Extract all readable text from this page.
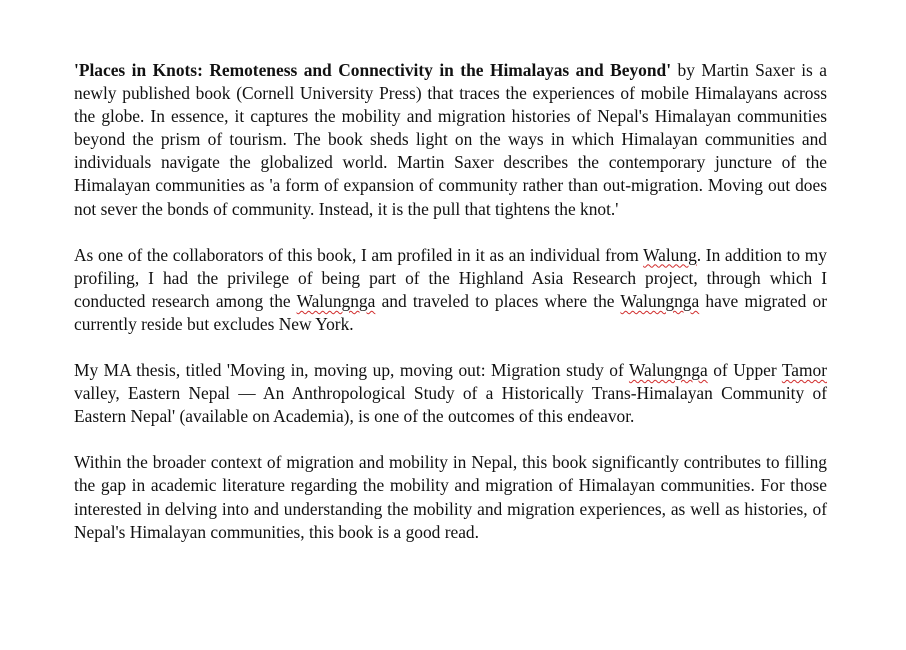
'Places in Knots: Remoteness and Connectivity in the Himalayas and Beyond' by Martin Saxer is a newly published book (Cornell University Press) that traces the experiences of mobile Himalayans across the globe. In essence, it captures the mobility and migration histories of Nepal's Himalayan communities beyond the prism of tourism. The book sheds light on the ways in which Himalayan communities and individuals navigate the globalized world. Martin Saxer describes the contemporary juncture of the Himalayan communities as 'a form of expansion of community rather than out-migration. Moving out does not sever the bonds of community. Instead, it is the pull that tightens the knot.'

As one of the collaborators of this book, I am profiled in it as an individual from Walung. In addition to my profiling, I had the privilege of being part of the Highland Asia Research project, through which I conducted research among the Walungnga and traveled to places where the Walungnga have migrated or currently reside but excludes New York.

My MA thesis, titled 'Moving in, moving up, moving out: Migration study of Walungnga of Upper Tamor valley, Eastern Nepal — An Anthropological Study of a Historically Trans-Himalayan Community of Eastern Nepal' (available on Academia), is one of the outcomes of this endeavor.

Within the broader context of migration and mobility in Nepal, this book significantly contributes to filling the gap in academic literature regarding the mobility and migration of Himalayan communities. For those interested in delving into and understanding the mobility and migration experiences, as well as histories, of Nepal's Himalayan communities, this book is a good read.
